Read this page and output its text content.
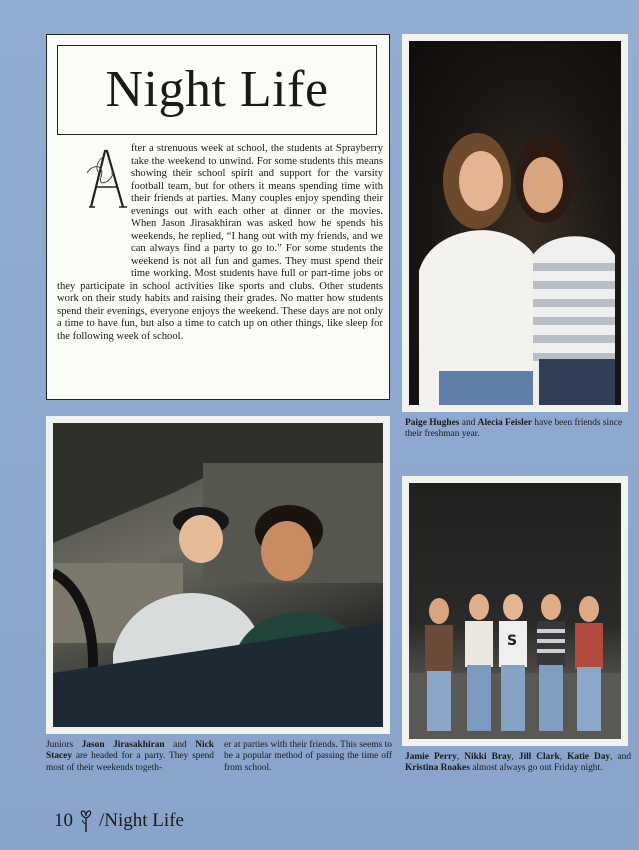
Night Life
fter a strenuous week at school, the students at Sprayberry take the weekend to unwind. For some students this means showing their school spirit and support for the varsity football team, but for others it means spending time with their friends at parties. Many couples enjoy spending their evenings out with each other at dinner or the movies. When Jason Jirasakhiran was asked how he spends his weekends, he replied, “I hang out with my friends, and we can always find a party to go to.” For some students the weekend is not all fun and games. They must spend their time working. Most students have full or part-time jobs or they participate in school activities like sports and clubs. Other students work on their study habits and raising their grades. No matter how students spend their evenings, everyone enjoys the weekend. These days are not only a time to have fun, but also a time to catch up on other things, like sleep for the following week of school.
Paige Hughes and Alecia Feisler have been friends since their freshman year.
Juniors Jason Jirasakhiran and Nick Stacey are headed for a party. They spend most of their weekends togeth-
er at parties with their friends. This seems to be a popular method of passing the time off from school.
S
Jamie Perry, Nikki Bray, Jill Clark, Katie Day, and Kristina Roakes almost always go out Friday night.
10 /Night Life
